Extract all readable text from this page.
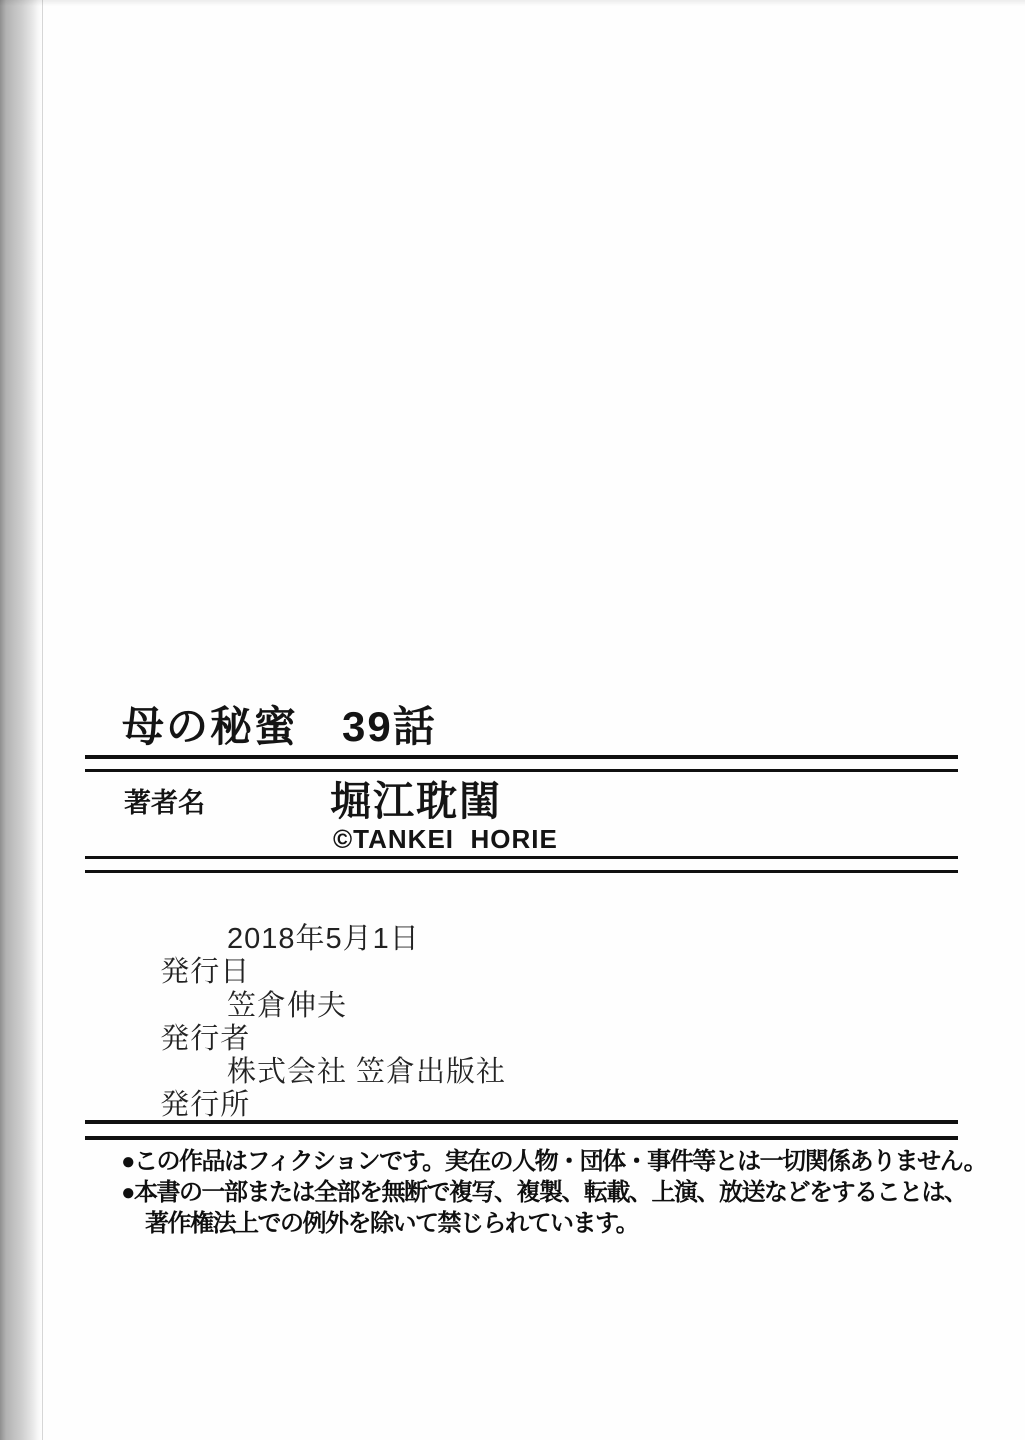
母の秘蜜　39話
著者名	堀江耽閨
©TANKEI  HORIE

発行日

2018年5月1日

発行者

笠倉伸夫

発行所

株式会社 笠倉出版社

●この作品はフィクションです。実在の人物・団体・事件等とは一切関係ありません。
●本書の一部または全部を無断で複写、複製、転載、上演、放送などをすることは、
著作権法上での例外を除いて禁じられています。
